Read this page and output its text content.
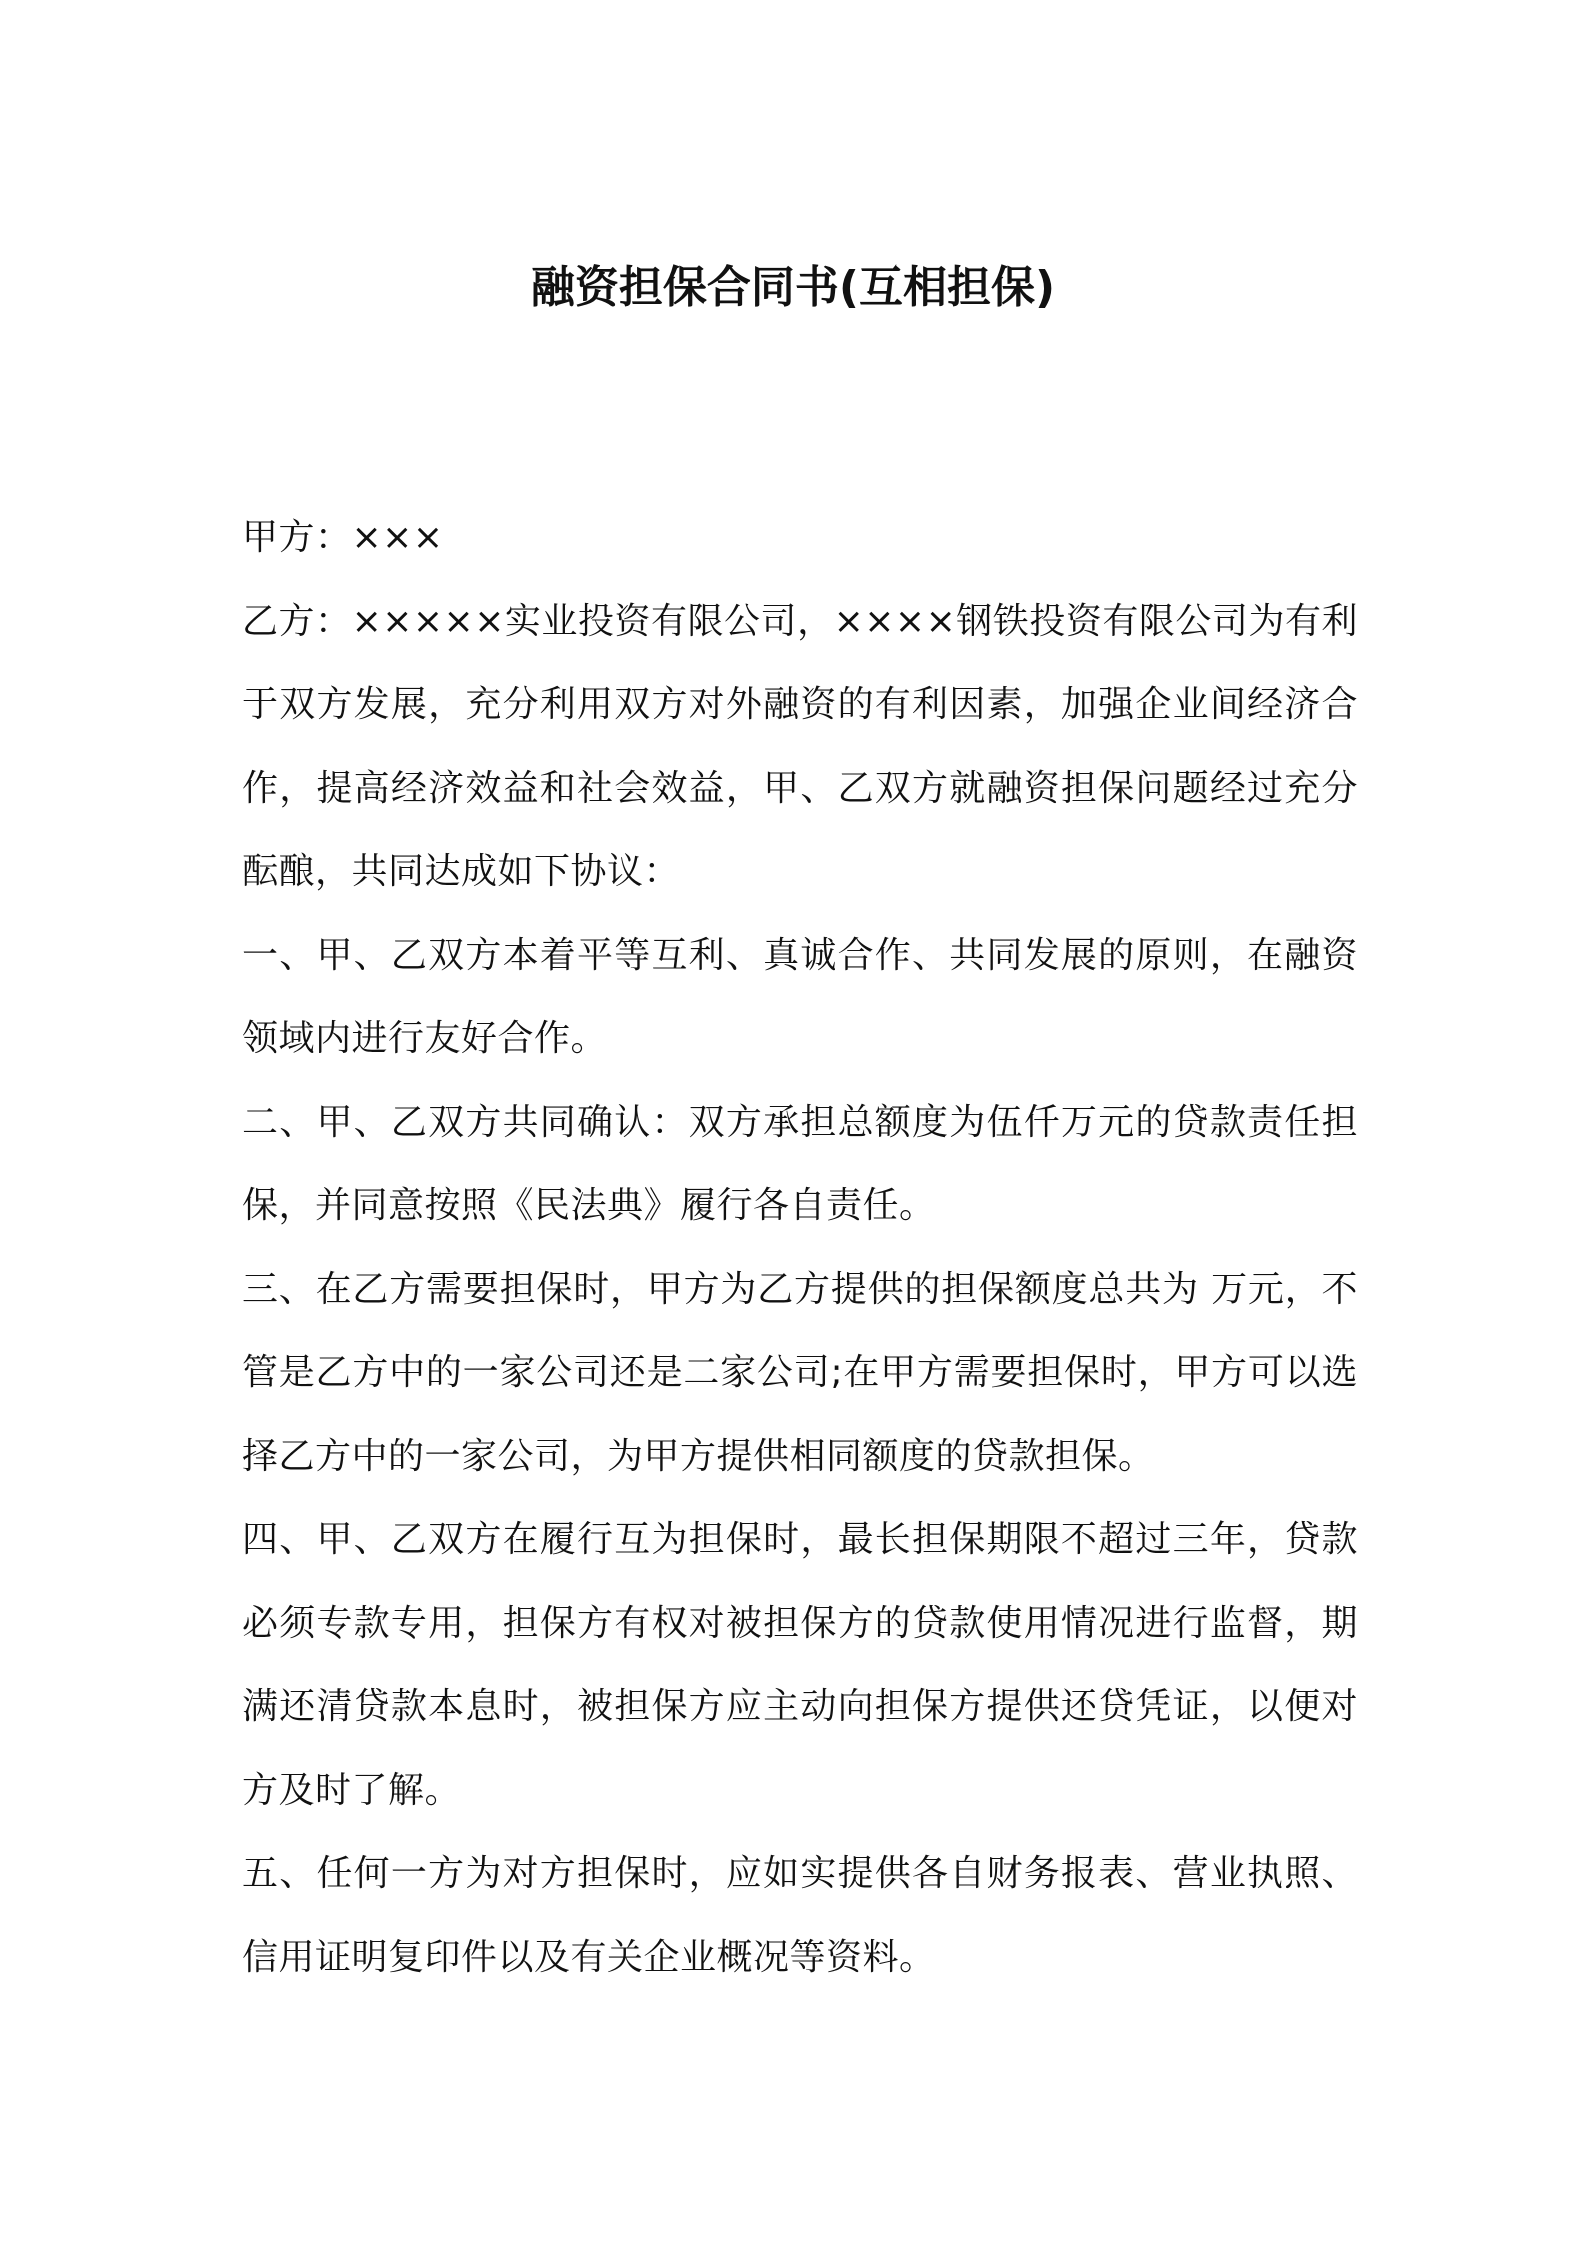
融资担保合同书(互相担保)

甲方：×××

乙方：×××××实业投资有限公司，××××钢铁投资有限公司为有利于双方发展，充分利用双方对外融资的有利因素，加强企业间经济合作，提高经济效益和社会效益，甲、乙双方就融资担保问题经过充分酝酿，共同达成如下协议：

一、甲、乙双方本着平等互利、真诚合作、共同发展的原则，在融资领域内进行友好合作。

二、甲、乙双方共同确认：双方承担总额度为伍仟万元的贷款责任担保，并同意按照《民法典》履行各自责任。

三、在乙方需要担保时，甲方为乙方提供的担保额度总共为 万元，不管是乙方中的一家公司还是二家公司;在甲方需要担保时，甲方可以选择乙方中的一家公司，为甲方提供相同额度的贷款担保。

四、甲、乙双方在履行互为担保时，最长担保期限不超过三年，贷款必须专款专用，担保方有权对被担保方的贷款使用情况进行监督，期满还清贷款本息时，被担保方应主动向担保方提供还贷凭证，以便对方及时了解。

五、任何一方为对方担保时，应如实提供各自财务报表、营业执照、信用证明复印件以及有关企业概况等资料。
